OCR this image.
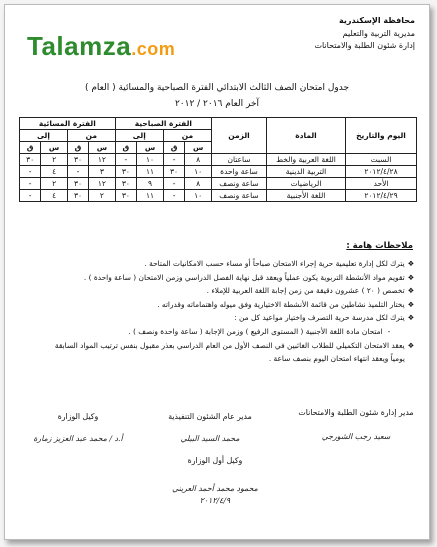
Talamza.com
محافظة الإسكندرية
مديرية التربية والتعليم
إدارة شئون الطلبة والامتحانات
جدول امتحان الصف الثالث الابتدائي الفترة الصباحية والمسائية ( العام )
آخر العام ٢٠١٦ / ٢٠١٢
اليوم والتاريخ	المادة	الزمن	الفترة الصباحية				الفترة المسائية			
			من		إلى		من		إلى	
			س	ق	س	ق	س	ق	س	ق
السبت	اللغة العربية والخط	ساعتان	٨	-	١٠	-	١٢	٣٠	٢	٣٠
٢٠١٢/٤/٢٨	التربية الدينية	ساعة واحدة	١٠	٣٠	١١	٣٠	٣	-	٤	-
الأحد	الرياضيات	ساعة ونصف	٨	-	٩	٣٠	١٢	٣٠	٢	-
٢٠١٢/٤/٢٩	اللغة الأجنبية	ساعة ونصف	١٠	-	١١	٣٠	٢	٣٠	٤	-
ملاحظات هامة :
❖ يترك لكل إدارة تعليمية حرية إجراء الامتحان صباحاً أو مساء حسب الامكانيات المتاحة .
❖ تقويم مواد الأنشطة التربوية يكون عملياً ويعقد قبل نهاية الفصل الدراسي وزمن الامتحان ( ساعة واحدة ) .
❖ تخصص ( ٢٠ ) عشرون دقيقة من زمن إجابة اللغة العربية للإملاء .
❖ يختار التلميذ نشاطين من قائمة الأنشطة الاختيارية وفق ميوله واهتماماته وقدراته .
❖ يترك لكل مدرسة حرية التصرف واختيار مواعيد كل من :
- امتحان مادة اللغة الأجنبية ( المستوى الرفيع ) وزمن الإجابة ( ساعة واحدة ونصف ) .
❖ يعقد الامتحان التكميلي للطلاب الغائبين في النصف الأول من العام الدراسي بعذر مقبول بنفس ترتيب المواد السابقة
يومياً ويعقد انتهاء امتحان اليوم بنصف ساعة .
مدير إدارة شئون الطلبة والامتحانات
سعيد رجب الشورجي
مدير عام الشئون التنفيذية
محمد السيد البيلي
وكيل الوزارة
أ.د / محمد عبد العزيز زمارة
وكيل أول الوزارة
محمود محمد أحمد العريني
٢٠١٢/٤/٩
